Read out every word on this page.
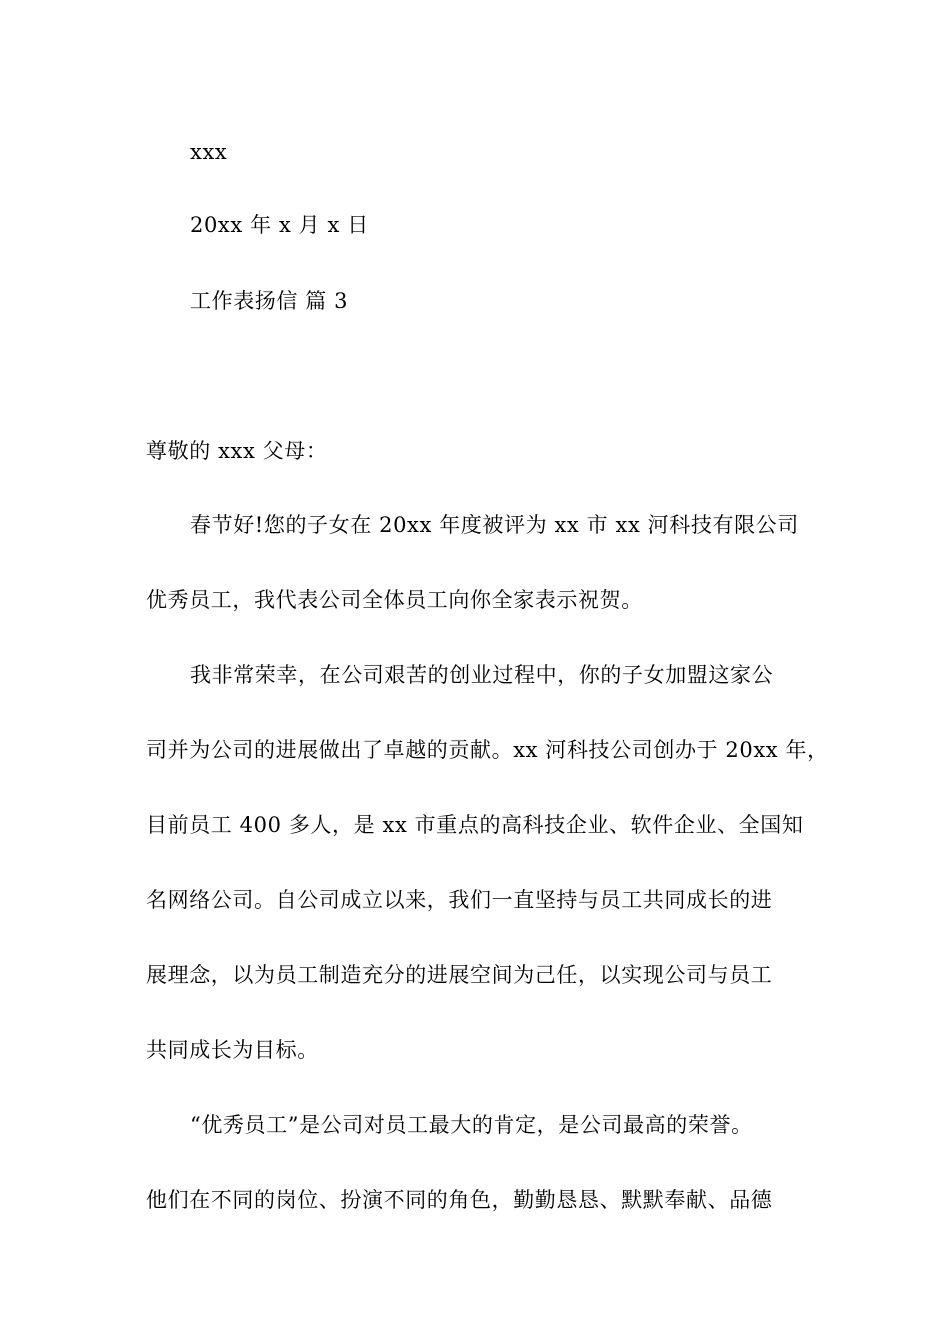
xxx
20xx 年 x 月 x 日
工作表扬信 篇 3
尊敬的 xxx 父母：
春节好!您的子女在 20xx 年度被评为 xx 市 xx 河科技有限公司
优秀员工，我代表公司全体员工向你全家表示祝贺。
我非常荣幸，在公司艰苦的创业过程中，你的子女加盟这家公
司并为公司的进展做出了卓越的贡献。xx 河科技公司创办于 20xx 年，
目前员工 400 多人，是 xx 市重点的高科技企业、软件企业、全国知
名网络公司。自公司成立以来，我们一直坚持与员工共同成长的进
展理念，以为员工制造充分的进展空间为己任，以实现公司与员工
共同成长为目标。
“优秀员工”是公司对员工最大的肯定，是公司最高的荣誉。
他们在不同的岗位、扮演不同的角色，勤勤恳恳、默默奉献、品德
